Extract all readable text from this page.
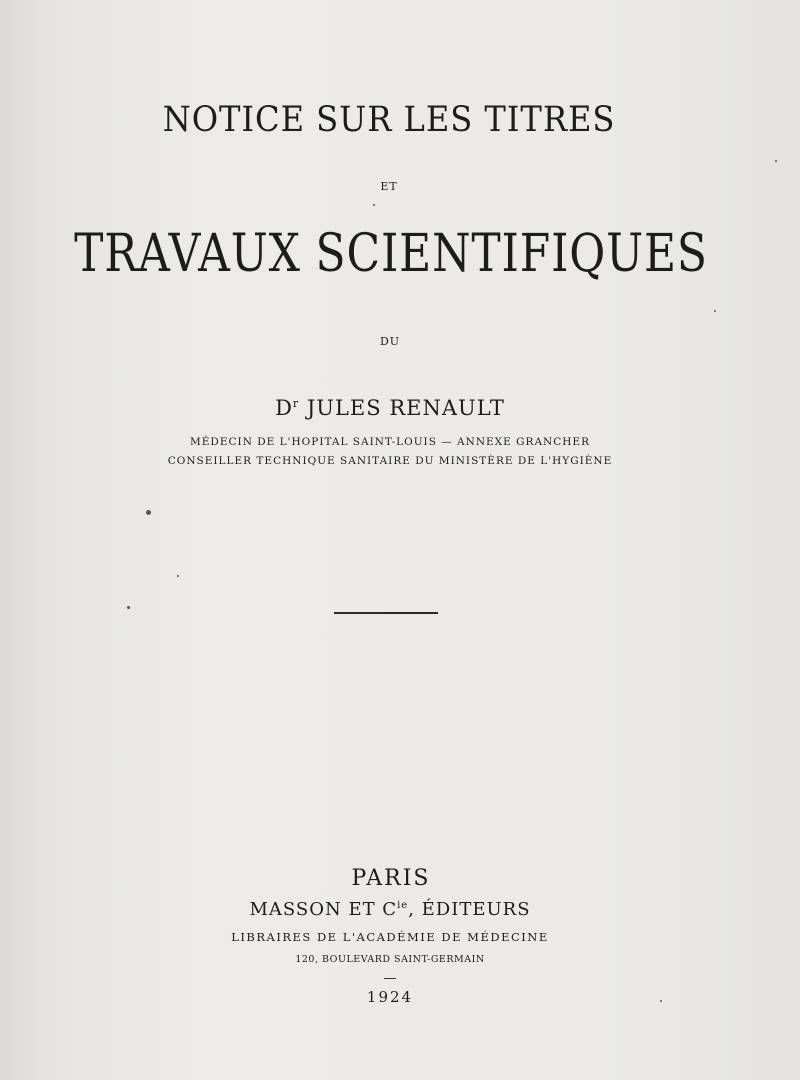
NOTICE SUR LES TITRES
ET
TRAVAUX SCIENTIFIQUES
DU
$D^r$ JULES RENAULT
MÉDECIN DE L'HOPITAL SAINT-LOUIS — ANNEXE GRANCHER
CONSEILLER TECHNIQUE SANITAIRE DU MINISTÈRE DE L'HYGIÈNE
PARIS
MASSON ET $C^{ie}$, ÉDITEURS
LIBRAIRES DE L'ACADÉMIE DE MÉDECINE
120, BOULEVARD SAINT-GERMAIN
1924
